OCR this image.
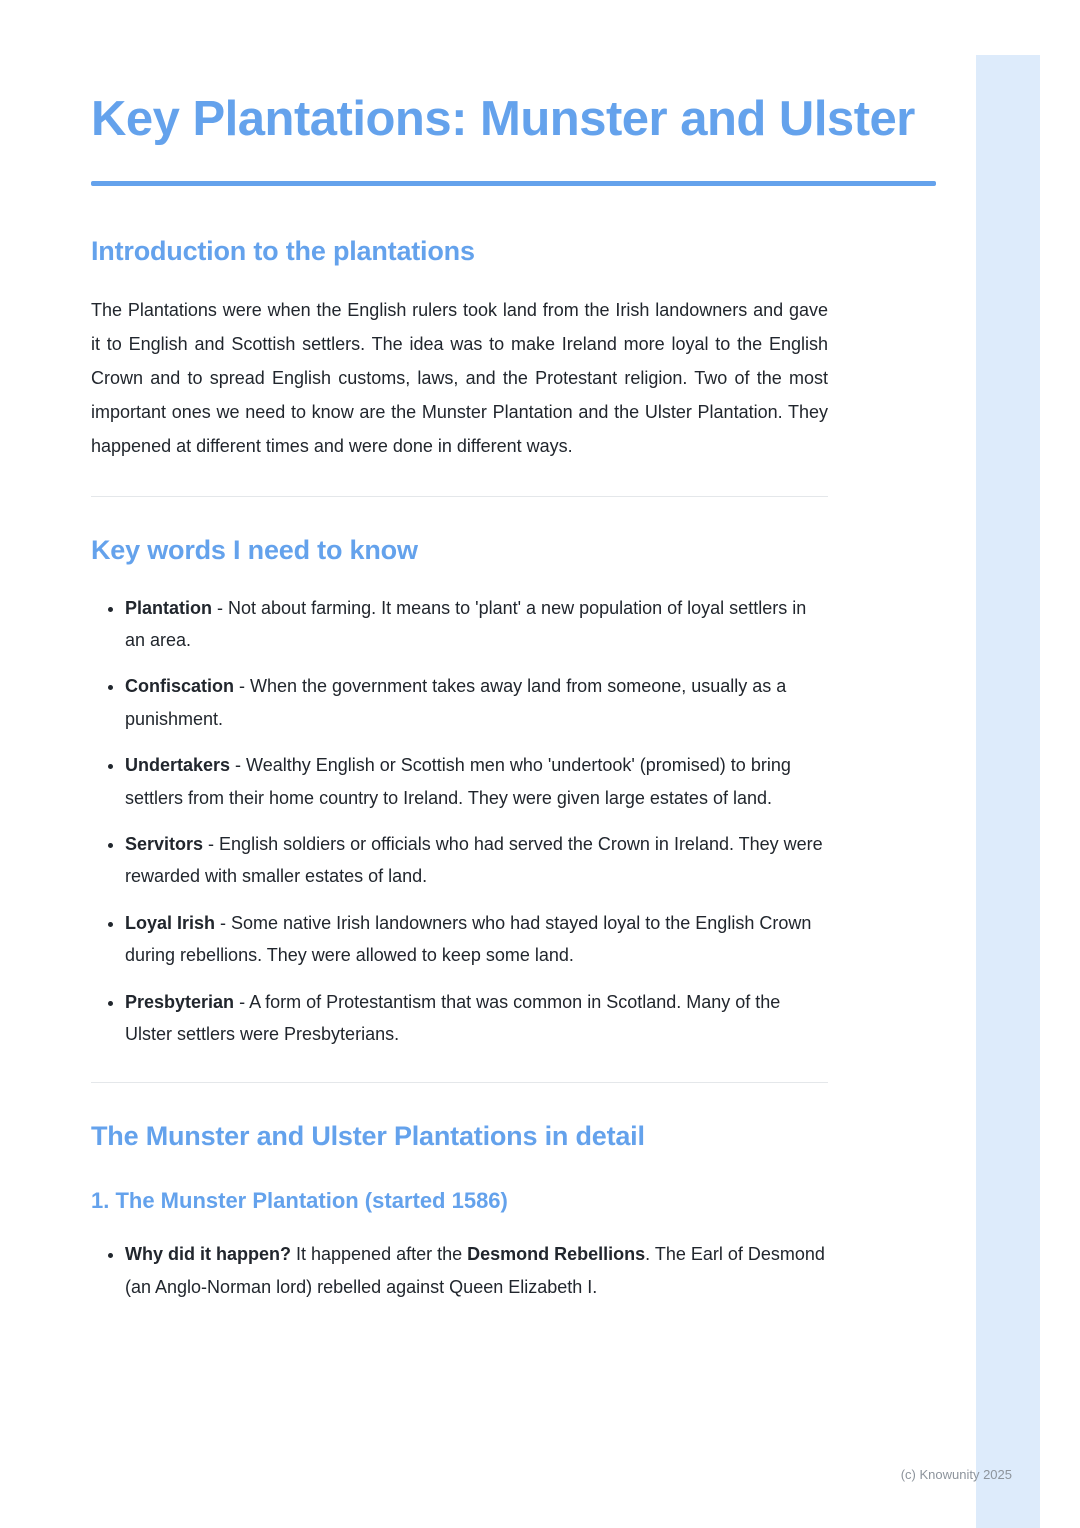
Key Plantations: Munster and Ulster
Introduction to the plantations

The Plantations were when the English rulers took land from the Irish landowners and gave it to English and Scottish settlers. The idea was to make Ireland more loyal to the English Crown and to spread English customs, laws, and the Protestant religion. Two of the most important ones we need to know are the Munster Plantation and the Ulster Plantation. They happened at different times and were done in different ways.

Key words I need to know
• Plantation - Not about farming. It means to 'plant' a new population of loyal settlers in an area.
• Confiscation - When the government takes away land from someone, usually as a punishment.
• Undertakers - Wealthy English or Scottish men who 'undertook' (promised) to bring settlers from their home country to Ireland. They were given large estates of land.
• Servitors - English soldiers or officials who had served the Crown in Ireland. They were rewarded with smaller estates of land.
• Loyal Irish - Some native Irish landowners who had stayed loyal to the English Crown during rebellions. They were allowed to keep some land.
• Presbyterian - A form of Protestantism that was common in Scotland. Many of the Ulster settlers were Presbyterians.
The Munster and Ulster Plantations in detail
1. The Munster Plantation (started 1586)
• Why did it happen? It happened after the Desmond Rebellions. The Earl of Desmond (an Anglo-Norman lord) rebelled against Queen Elizabeth I.
(c) Knowunity 2025
